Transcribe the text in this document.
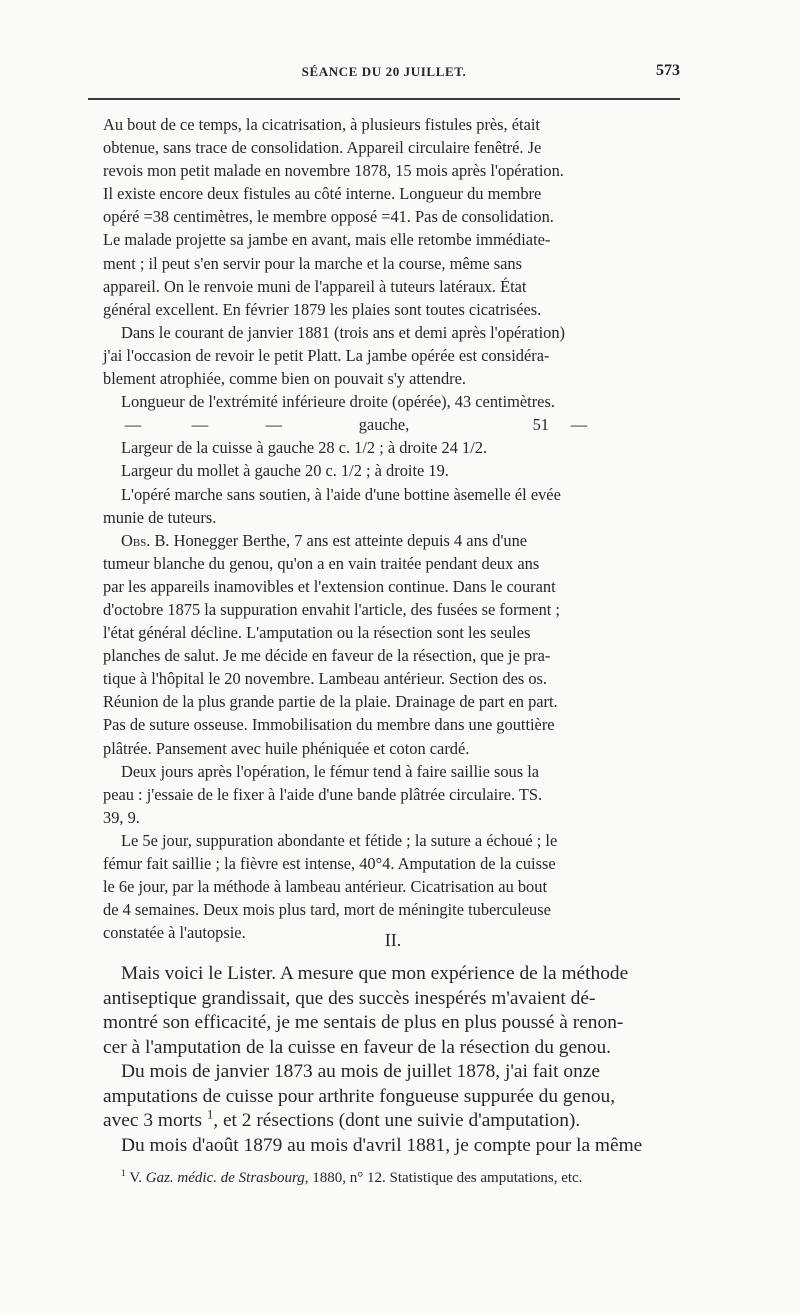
SÉANCE DU 20 JUILLET.	573

Au bout de ce temps, la cicatrisation, à plusieurs fistules près, était
obtenue, sans trace de consolidation. Appareil circulaire fenêtré. Je
revois mon petit malade en novembre 1878, 15 mois après l'opération.
Il existe encore deux fistules au côté interne. Longueur du membre
opéré =38 centimètres, le membre opposé =41. Pas de consolidation.
Le malade projette sa jambe en avant, mais elle retombe immédiate-
ment ; il peut s'en servir pour la marche et la course, même sans
appareil. On le renvoie muni de l'appareil à tuteurs latéraux. État
général excellent. En février 1879 les plaies sont toutes cicatrisées.

Dans le courant de janvier 1881 (trois ans et demi après l'opération)
j'ai l'occasion de revoir le petit Platt. La jambe opérée est considéra-
blement atrophiée, comme bien on pouvait s'y attendre.

Longueur de l'extrémité inférieure droite (opérée), 43 centimètres.

—	—	—	gauche,	51	—

Largeur de la cuisse à gauche 28 c. 1/2 ; à droite 24 1/2.

Largeur du mollet à gauche 20 c. 1/2 ; à droite 19.

L'opéré marche sans soutien, à l'aide d'une bottine àsemelle él evée
munie de tuteurs.

Obs. B. Honegger Berthe, 7 ans est atteinte depuis 4 ans d'une
tumeur blanche du genou, qu'on a en vain traitée pendant deux ans
par les appareils inamovibles et l'extension continue. Dans le courant
d'octobre 1875 la suppuration envahit l'article, des fusées se forment ;
l'état général décline. L'amputation ou la résection sont les seules
planches de salut. Je me décide en faveur de la résection, que je pra-
tique à l'hôpital le 20 novembre. Lambeau antérieur. Section des os.
Réunion de la plus grande partie de la plaie. Drainage de part en part.
Pas de suture osseuse. Immobilisation du membre dans une gouttière
plâtrée. Pansement avec huile phéniquée et coton cardé.

Deux jours après l'opération, le fémur tend à faire saillie sous la
peau : j'essaie de le fixer à l'aide d'une bande plâtrée circulaire. TS.
39, 9.

Le 5e jour, suppuration abondante et fétide ; la suture a échoué ; le
fémur fait saillie ; la fièvre est intense, 40°4. Amputation de la cuisse
le 6e jour, par la méthode à lambeau antérieur. Cicatrisation au bout
de 4 semaines. Deux mois plus tard, mort de méningite tuberculeuse
constatée à l'autopsie.	II.

Mais voici le Lister. A mesure que mon expérience de la méthode
antiseptique grandissait, que des succès inespérés m'avaient dé-
montré son efficacité, je me sentais de plus en plus poussé à renon-
cer à l'amputation de la cuisse en faveur de la résection du genou.

Du mois de janvier 1873 au mois de juillet 1878, j'ai fait onze
amputations de cuisse pour arthrite fongueuse suppurée du genou,
avec 3 morts $^1$, et 2 résections (dont une suivie d'amputation).

Du mois d'août 1879 au mois d'avril 1881, je compte pour la même

$^1$ V. Gaz. médic. de Strasbourg, 1880, n° 12. Statistique des amputations, etc.
